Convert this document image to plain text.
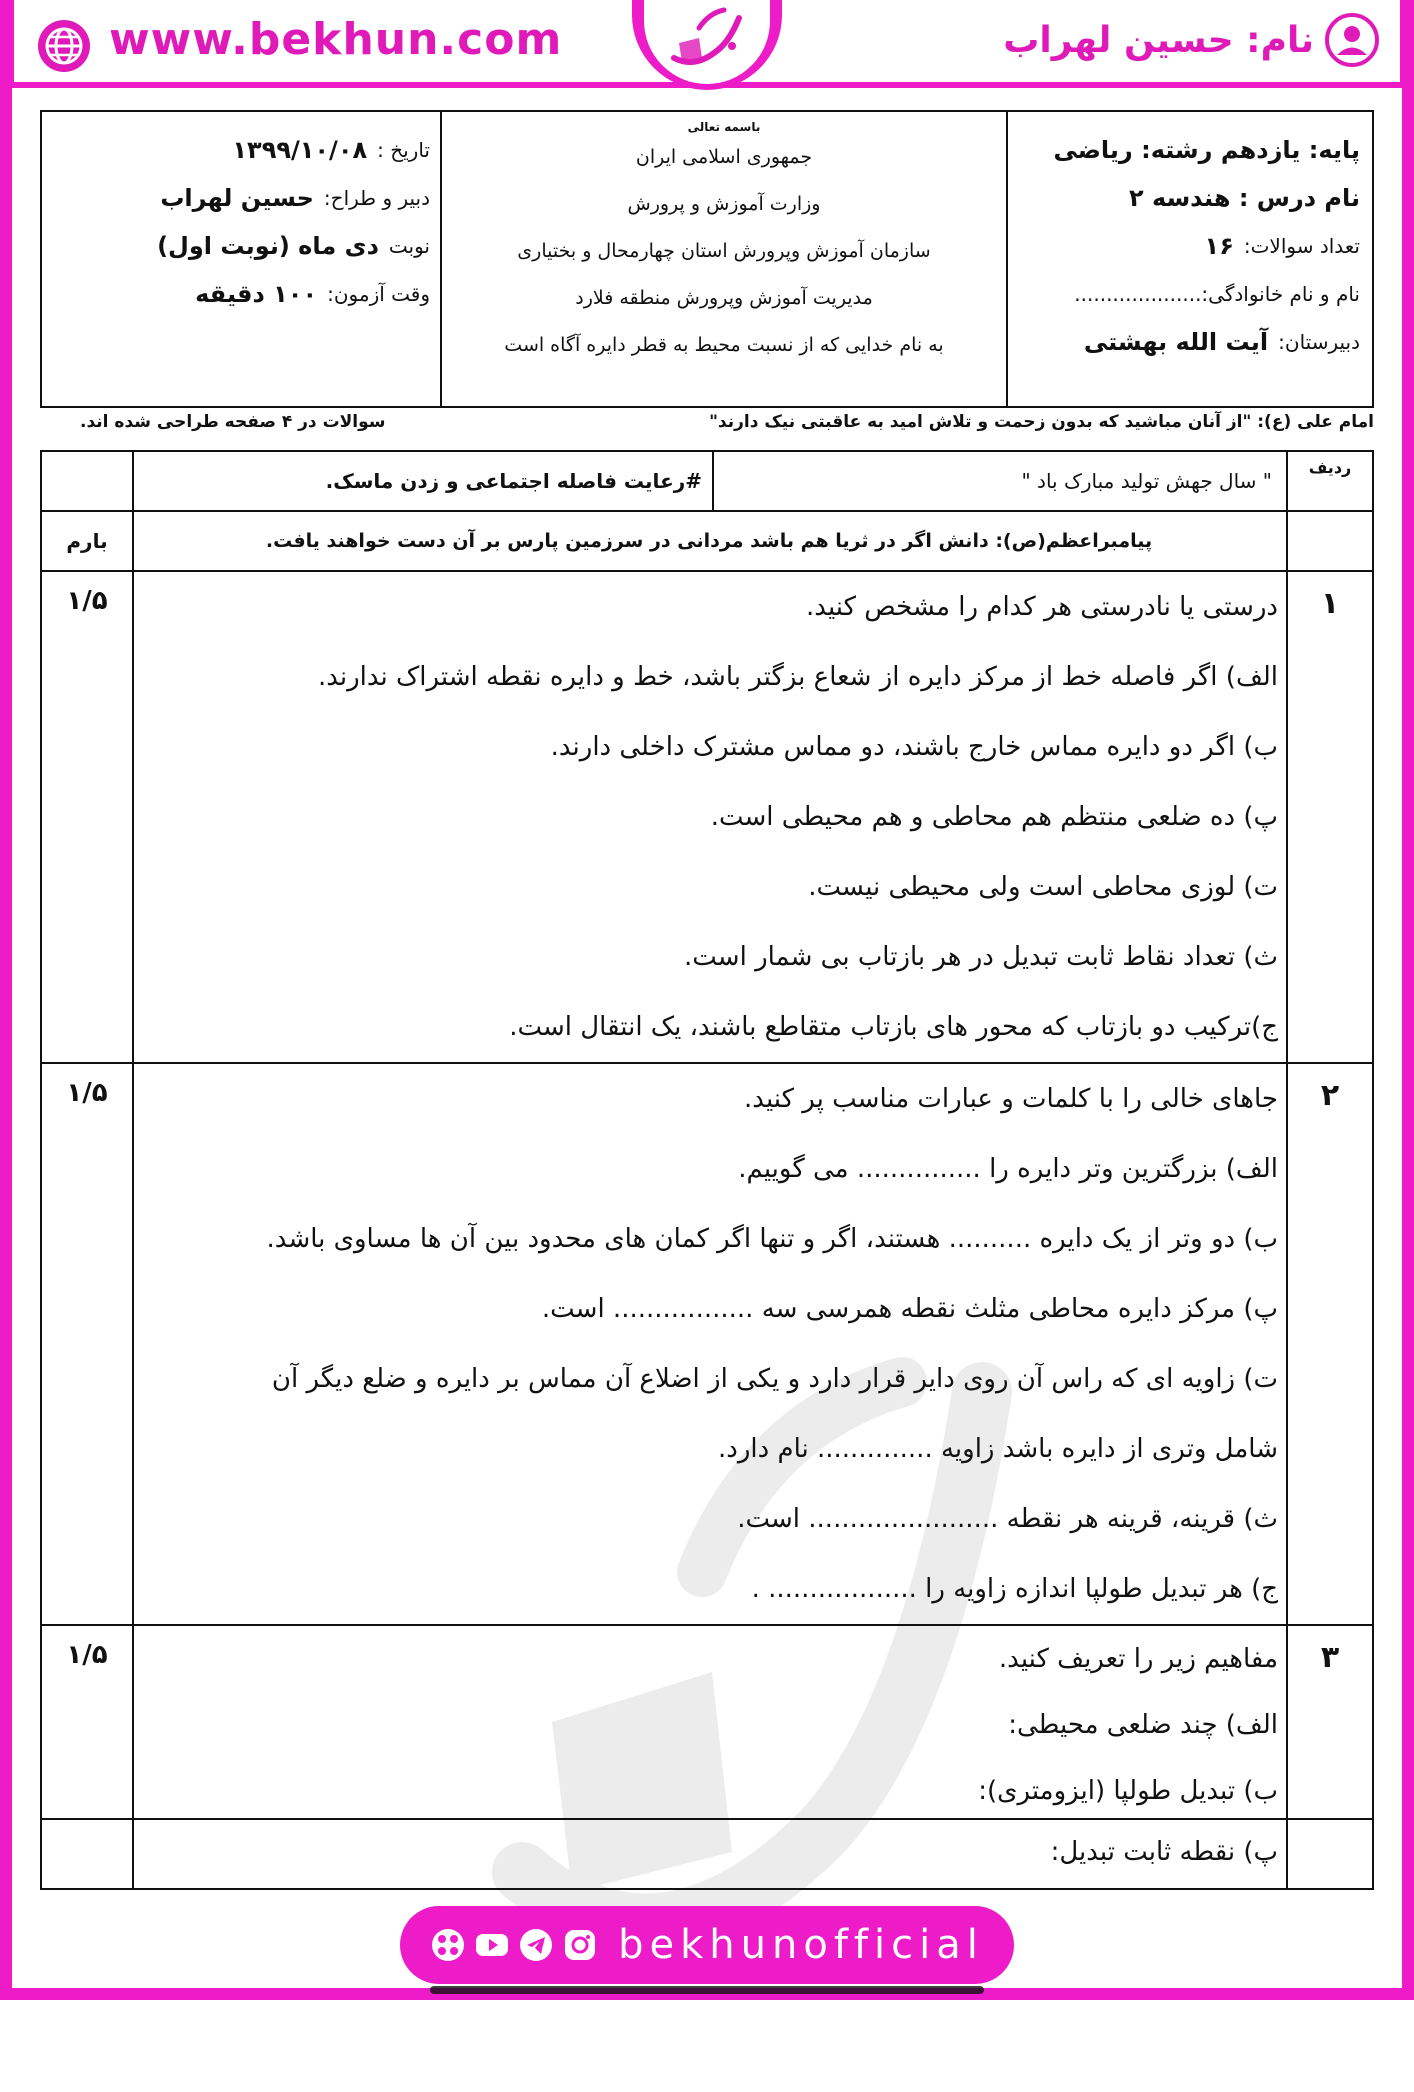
www.bekhun.com	نام: حسین لهراب
پایه: یازدهم رشته: ریاضی
نام درس : هندسه ۲
تعداد سوالات:
۱۶
نام و نام خانوادگی:....................
دبیرستان:
آیت الله بهشتی
باسمه تعالی
جمهوری اسلامی ایران
وزارت آموزش و پرورش
سازمان آموزش وپرورش استان چهارمحال و بختیاری
مدیریت آموزش وپرورش منطقه فلارد
به نام خدایی که از نسبت محیط به قطر دایره آگاه است
تاریخ :
۱۳۹۹/۱۰/۰۸
دبیر و طراح:
حسین لهراب
نوبت
دی ماه (نوبت اول)
وقت آزمون:
۱۰۰ دقیقه
امام علی (ع): "از آنان مباشید که بدون زحمت و تلاش امید به عاقبتی نیک دارند"
سوالات در ۴ صفحه طراحی شده اند.
ردیف
" سال جهش تولید مبارک باد "
#رعایت فاصله اجتماعی و زدن ماسک.
پیامبراعظم(ص): دانش اگر در ثریا هم باشد مردانی در سرزمین پارس بر آن دست خواهند یافت.
بارم
۱
درستی یا نادرستی هر کدام را مشخص کنید.
الف) اگر فاصله خط از مرکز دایره از شعاع بزگتر باشد، خط و دایره نقطه اشتراک ندارند.
ب) اگر دو دایره مماس خارج باشند، دو مماس مشترک داخلی دارند.
پ) ده ضلعی منتظم هم محاطی و هم محیطی است.
ت) لوزی محاطی است ولی محیطی نیست.
ث) تعداد نقاط ثابت تبدیل در هر بازتاب بی شمار است.
ج)ترکیب دو بازتاب که محور های بازتاب متقاطع باشند، یک انتقال است.
۱/۵
۲
جاهای خالی را با کلمات و عبارات مناسب پر کنید.
الف) بزرگترین وتر دایره را ............... می گوییم.
ب) دو وتر از یک دایره .......... هستند، اگر و تنها اگر کمان های محدود بین آن ها مساوی باشد.
پ) مرکز دایره محاطی مثلث نقطه همرسی سه ................. است.
ت) زاویه ای که راس آن روی دایر قرار دارد و یکی از اضلاع آن مماس بر دایره و ضلع دیگر آن
شامل وتری از دایره باشد زاویه .............. نام دارد.
ث) قرینه، قرینه هر نقطه ....................... است.
ج) هر تبدیل طولپا اندازه زاویه را .................. .
۱/۵
۳
مفاهیم زیر را تعریف کنید.
الف) چند ضلعی محیطی:
ب) تبدیل طولپا (ایزومتری):
۱/۵
پ) نقطه ثابت تبدیل:
bekhunofficial
